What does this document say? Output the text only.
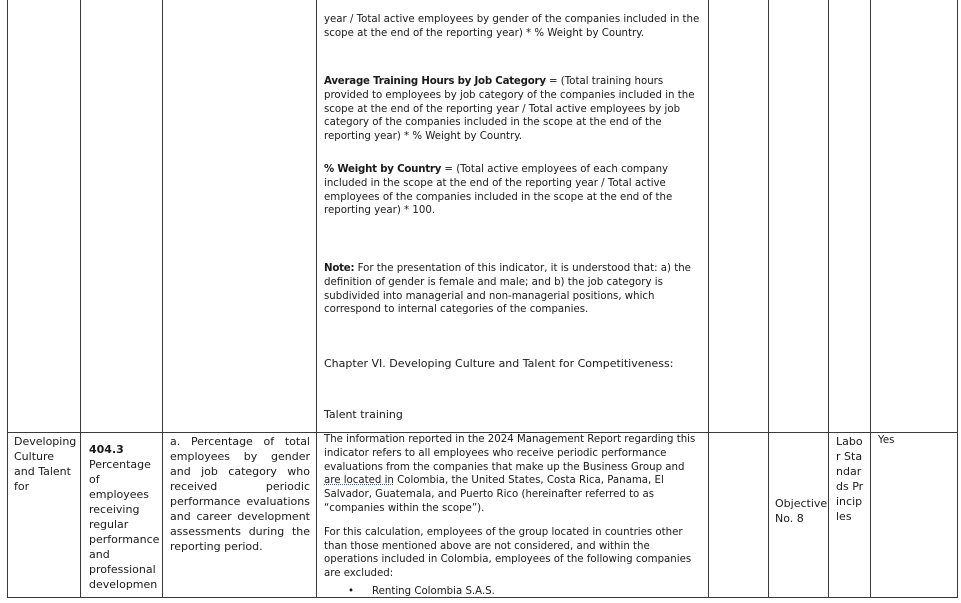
year / Total active employees by gender of the companies included in the scope at the end of the reporting year) * % Weight by Country.

Average Training Hours by Job Category = (Total training hours provided to employees by job category of the companies included in the scope at the end of the reporting year / Total active employees by job category of the companies included in the scope at the end of the reporting year) * % Weight by Country.

% Weight by Country = (Total active employees of each company included in the scope at the end of the reporting year / Total active employees of the companies included in the scope at the end of the reporting year) * 100.

Note: For the presentation of this indicator, it is understood that: a) the definition of gender is female and male; and b) the job category is subdivided into managerial and non-managerial positions, which correspond to internal categories of the companies.

Chapter VI. Developing Culture and Talent for Competitiveness:

Talent training

Developing Culture and Talent for

404.3

Percentage of employees receiving regular performance and professional developmen

a. Percentage of total employees by gender and job category who received periodic performance evaluations and career development assessments during the reporting period.

The information reported in the 2024 Management Report regarding this indicator refers to all employees who receive periodic performance evaluations from the companies that make up the Business Group and are located in Colombia, the United States, Costa Rica, Panama, El Salvador, Guatemala, and Puerto Rico (hereinafter referred to as “companies within the scope”).

For this calculation, employees of the group located in countries other than those mentioned above are not considered, and within the operations included in Colombia, employees of the following companies are excluded:

• Renting Colombia S.A.S.

Objective No. 8

Labor Standards Principles

Yes
